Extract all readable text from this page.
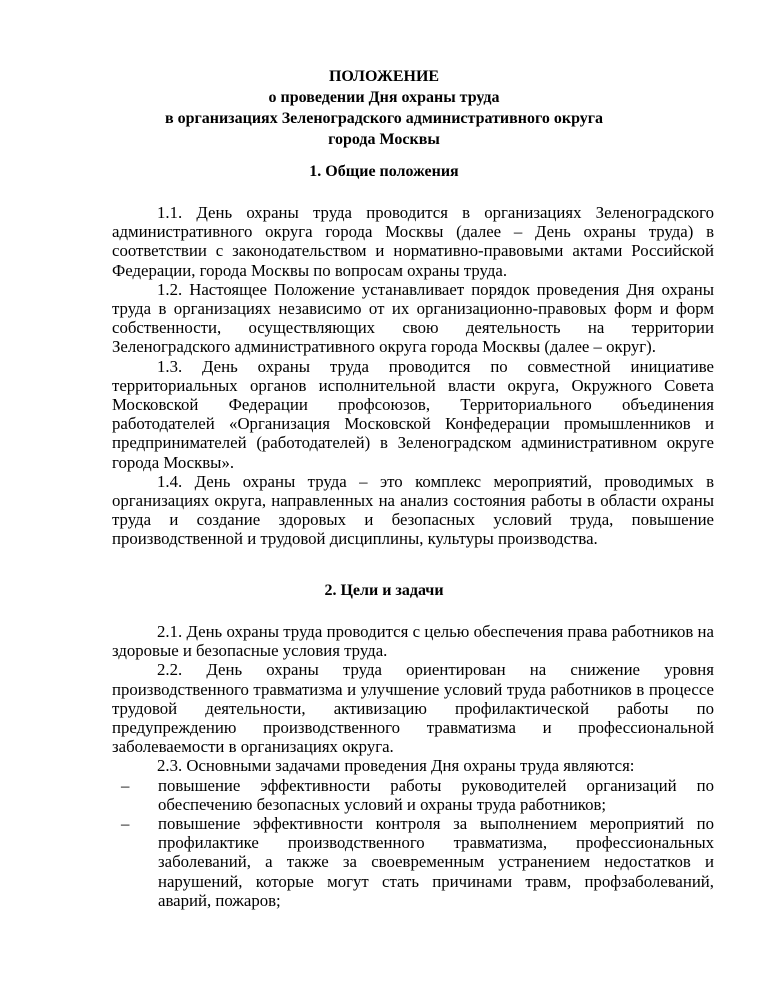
ПОЛОЖЕНИЕ
о проведении Дня охраны труда
в организациях Зеленоградского административного округа
города Москвы
1. Общие положения

1.1. День охраны труда проводится в организациях Зеленоградского административного округа города Москвы (далее – День охраны труда) в соответствии с законодательством и нормативно-правовыми актами Российской Федерации, города Москвы по вопросам охраны труда.

1.2. Настоящее Положение устанавливает порядок проведения Дня охраны труда в организациях независимо от их организационно-правовых форм и форм собственности, осуществляющих свою деятельность на территории Зеленоградского административного округа города Москвы (далее – округ).

1.3. День охраны труда проводится по совместной инициативе территориальных органов исполнительной власти округа, Окружного Совета Московской Федерации профсоюзов, Территориального объединения работодателей «Организация Московской Конфедерации промышленников и предпринимателей (работодателей) в Зеленоградском административном округе города Москвы».

1.4. День охраны труда – это комплекс мероприятий, проводимых в организациях округа, направленных на анализ состояния работы в области охраны труда и создание здоровых и безопасных условий труда, повышение производственной и трудовой дисциплины, культуры производства.

2. Цели и задачи

2.1. День охраны труда проводится с целью обеспечения права работников на здоровые и безопасные условия труда.

2.2. День охраны труда ориентирован на снижение уровня производственного травматизма и улучшение условий труда работников в процессе трудовой деятельности, активизацию профилактической работы по предупреждению производственного травматизма и профессиональной заболеваемости в организациях округа.

2.3. Основными задачами проведения Дня охраны труда являются:

– повышение эффективности работы руководителей организаций по обеспечению безопасных условий и охраны труда работников;
– повышение эффективности контроля за выполнением мероприятий по профилактике производственного травматизма, профессиональных заболеваний, а также за своевременным устранением недостатков и нарушений, которые могут стать причинами травм, профзаболеваний, аварий, пожаров;
